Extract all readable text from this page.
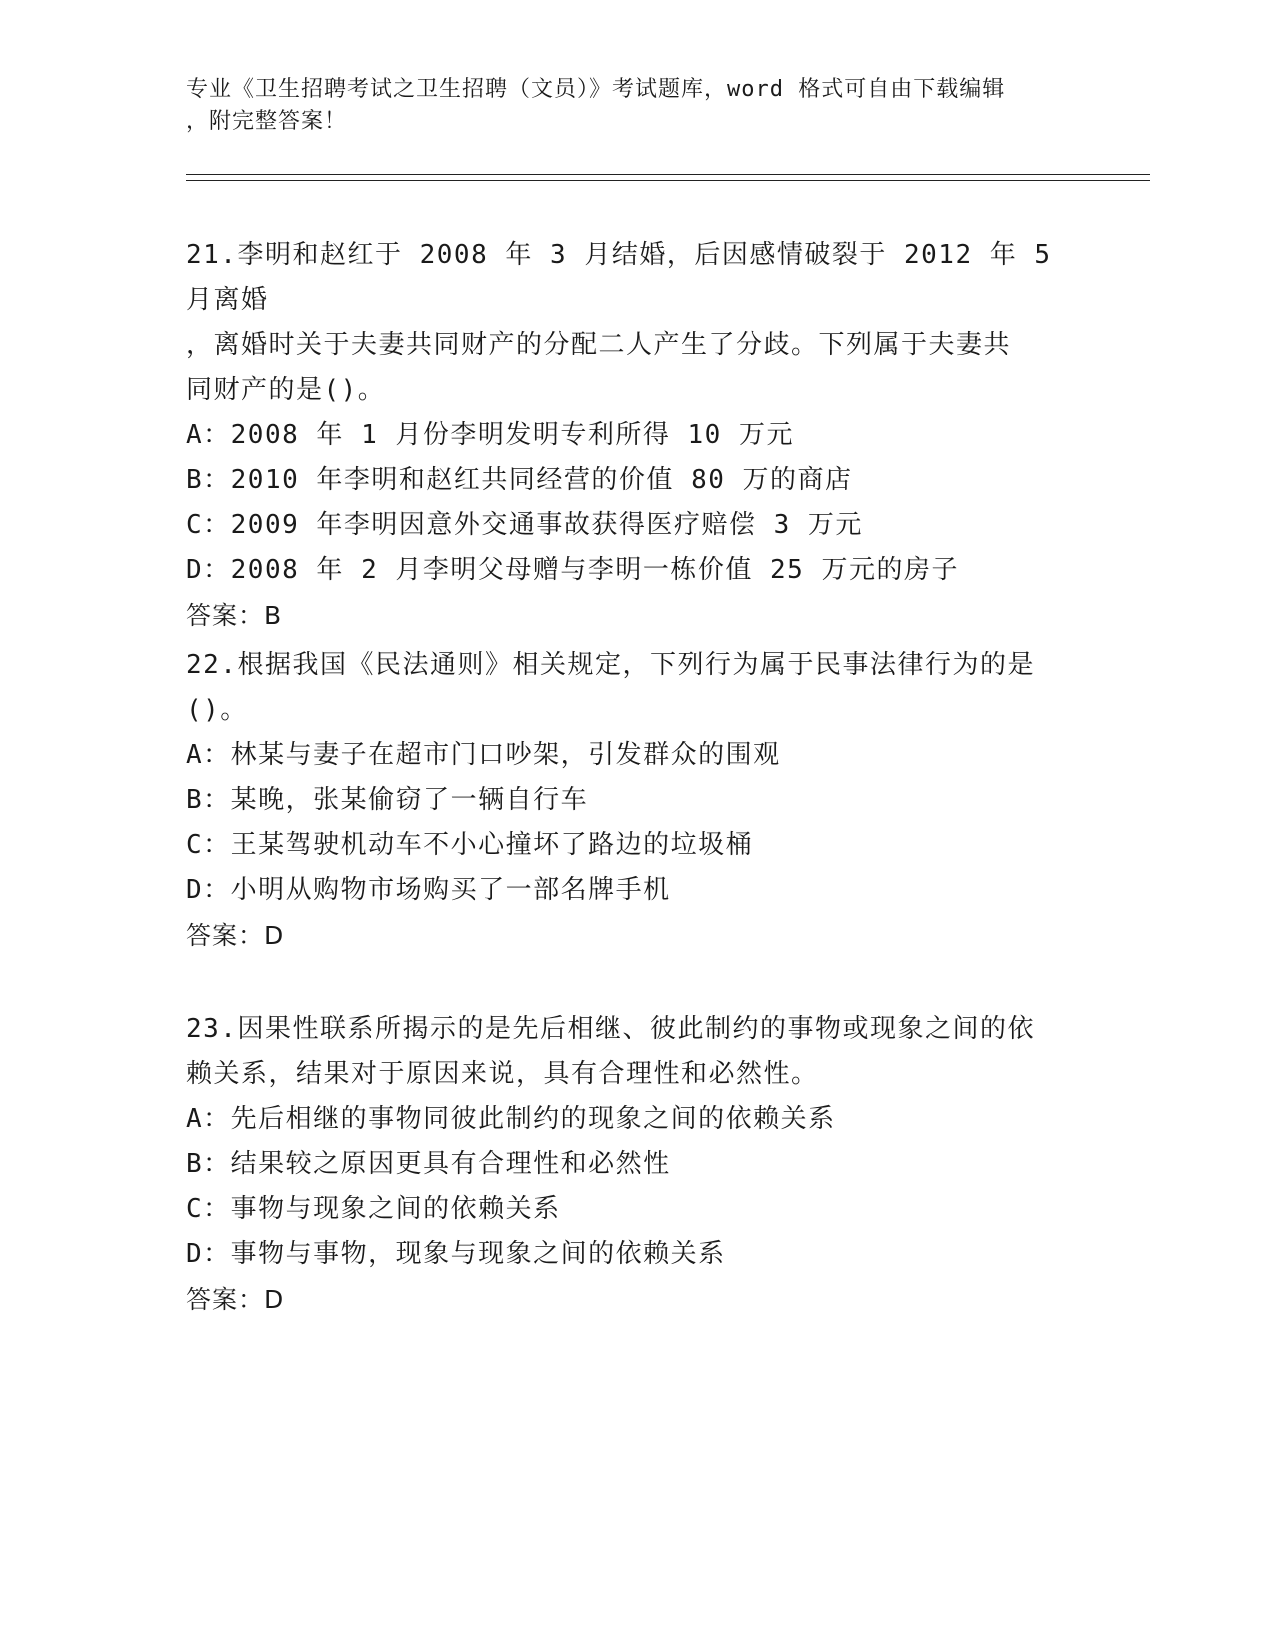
专业《卫生招聘考试之卫生招聘（文员）》考试题库，word 格式可自由下载编辑
，附完整答案！
21.李明和赵红于 2008 年 3 月结婚，后因感情破裂于 2012 年 5 月离婚
，离婚时关于夫妻共同财产的分配二人产生了分歧。下列属于夫妻共
同财产的是()。
A：2008 年 1 月份李明发明专利所得 10 万元
B：2010 年李明和赵红共同经营的价值 80 万的商店
C：2009 年李明因意外交通事故获得医疗赔偿 3 万元
D：2008 年 2 月李明父母赠与李明一栋价值 25 万元的房子
答案：B
22.根据我国《民法通则》相关规定，下列行为属于民事法律行为的是
()。
A：林某与妻子在超市门口吵架，引发群众的围观
B：某晚，张某偷窃了一辆自行车
C：王某驾驶机动车不小心撞坏了路边的垃圾桶
D：小明从购物市场购买了一部名牌手机
答案：D
23.因果性联系所揭示的是先后相继、彼此制约的事物或现象之间的依
赖关系，结果对于原因来说，具有合理性和必然性。
A：先后相继的事物同彼此制约的现象之间的依赖关系
B：结果较之原因更具有合理性和必然性
C：事物与现象之间的依赖关系
D：事物与事物，现象与现象之间的依赖关系
答案：D
